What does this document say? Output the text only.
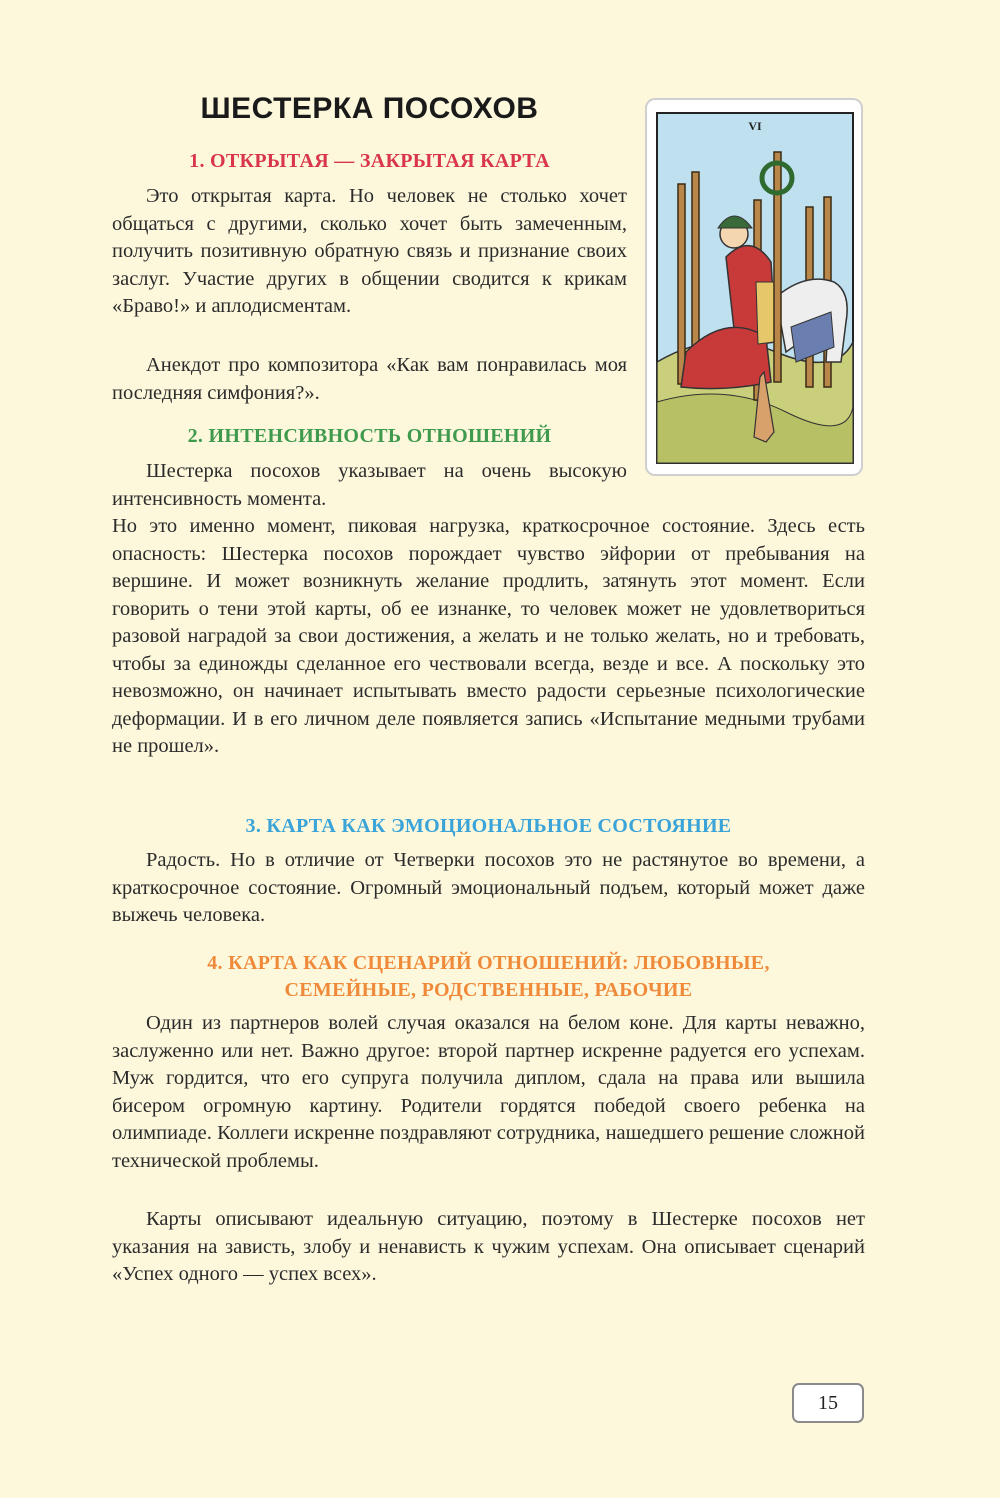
ШЕСТЕРКА ПОСОХОВ
VI
1. ОТКРЫТАЯ — ЗАКРЫТАЯ КАРТА

Это открытая карта. Но человек не столько хочет общаться с другими, сколько хочет быть замеченным, получить позитивную обратную связь и признание своих заслуг. Участие других в общении сводится к крикам «Браво!» и аплодисментам.

Анекдот про композитора «Как вам понравилась моя последняя симфония?».

2. ИНТЕНСИВНОСТЬ ОТНОШЕНИЙ

Шестерка посохов указывает на очень высокую интенсивность момента.
Но это именно момент, пиковая нагрузка, краткосрочное состояние. Здесь есть опасность: Шестерка посохов порождает чувство эйфории от пребывания на вершине. И может возникнуть желание продлить, затянуть этот момент. Если говорить о тени этой карты, об ее изнанке, то человек может не удовлетвориться разовой наградой за свои достижения, а желать и не только желать, но и требовать, чтобы за единожды сделанное его чествовали всегда, везде и все. А поскольку это невозможно, он начинает испытывать вместо радости серьезные психологические деформации. И в его личном деле появляется запись «Испытание медными трубами не прошел».

3. КАРТА КАК ЭМОЦИОНАЛЬНОЕ СОСТОЯНИЕ

Радость. Но в отличие от Четверки посохов это не растянутое во времени, а краткосрочное состояние. Огромный эмоциональный подъем, который может даже выжечь человека.

4. КАРТА КАК СЦЕНАРИЙ ОТНОШЕНИЙ: ЛЮБОВНЫЕ,
СЕМЕЙНЫЕ, РОДСТВЕННЫЕ, РАБОЧИЕ

Один из партнеров волей случая оказался на белом коне. Для карты неважно, заслуженно или нет. Важно другое: второй партнер искренне радуется его успехам. Муж гордится, что его супруга получила диплом, сдала на права или вышила бисером огромную картину. Родители гордятся победой своего ребенка на олимпиаде. Коллеги искренне поздравляют сотрудника, нашедшего решение сложной технической проблемы.

Карты описывают идеальную ситуацию, поэтому в Шестерке посохов нет указания на зависть, злобу и ненависть к чужим успехам. Она описывает сценарий «Успех одного — успех всех».

15
